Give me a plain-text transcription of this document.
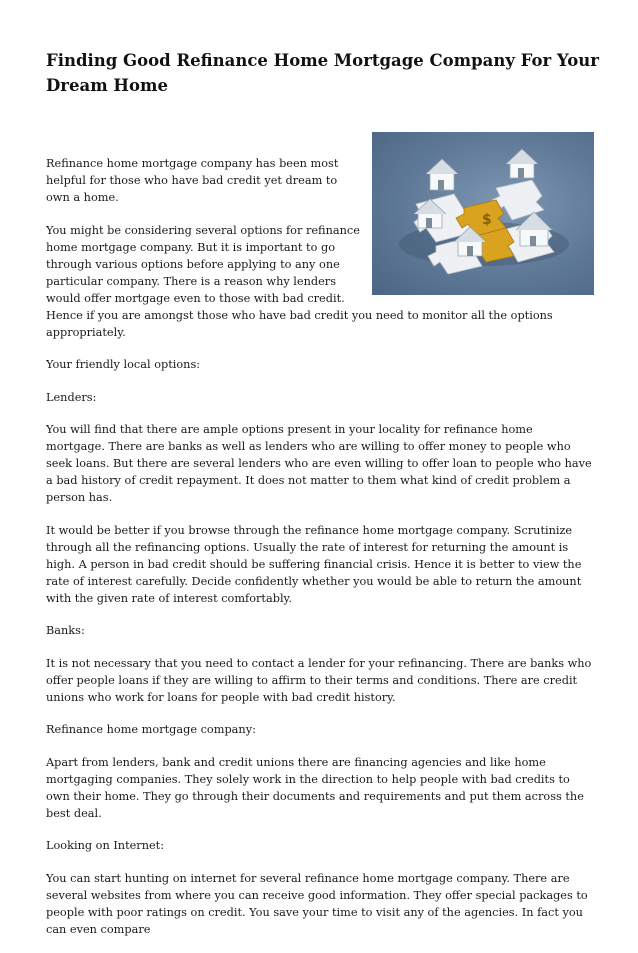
Finding Good Refinance Home Mortgage Company For Your Dream Home
$

Refinance home mortgage company has been most helpful for those who have bad credit yet dream to own a home.

You might be considering several options for refinance home mortgage company. But it is important to go through various options before applying to any one particular company. There is a reason why lenders would offer mortgage even to those with bad credit. Hence if you are amongst those who have bad credit you need to monitor all the options appropriately.

Your friendly local options:

Lenders:

You will find that there are ample options present in your locality for refinance home mortgage. There are banks as well as lenders who are willing to offer money to people who seek loans. But there are several lenders who are even willing to offer loan to people who have a bad history of credit repayment. It does not matter to them what kind of credit problem a person has.

It would be better if you browse through the refinance home mortgage company. Scrutinize through all the refinancing options. Usually the rate of interest for returning the amount is high. A person in bad credit should be suffering financial crisis. Hence it is better to view the rate of interest carefully. Decide confidently whether you would be able to return the amount with the given rate of interest comfortably.

Banks:

It is not necessary that you need to contact a lender for your refinancing. There are banks who offer people loans if they are willing to affirm to their terms and conditions. There are credit unions who work for loans for people with bad credit history.

Refinance home mortgage company:

Apart from lenders, bank and credit unions there are financing agencies and like home mortgaging companies. They solely work in the direction to help people with bad credits to own their home. They go through their documents and requirements and put them across the best deal.

Looking on Internet:

You can start hunting on internet for several refinance home mortgage company. There are several websites from where you can receive good information. They offer special packages to people with poor ratings on credit. You save your time to visit any of the agencies. In fact you can even compare
